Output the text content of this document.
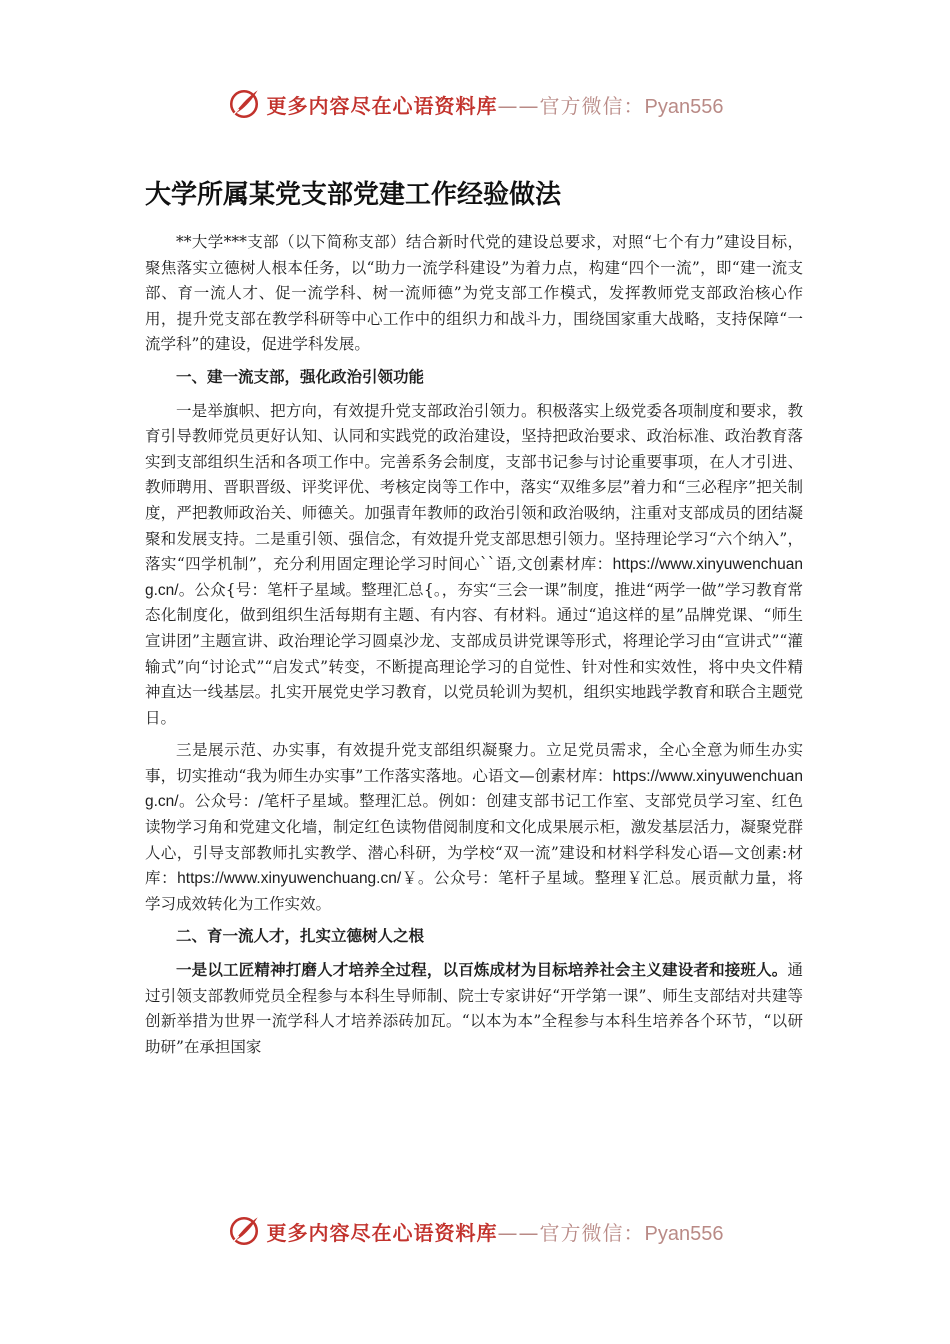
更多内容尽在心语资料库——官方微信：Pyan556
大学所属某党支部党建工作经验做法

**大学***支部（以下简称支部）结合新时代党的建设总要求，对照“七个有力”建设目标，聚焦落实立德树人根本任务，以“助力一流学科建设”为着力点，构建“四个一流”，即“建一流支部、育一流人才、促一流学科、树一流师德”为党支部工作模式，发挥教师党支部政治核心作用，提升党支部在教学科研等中心工作中的组织力和战斗力，围绕国家重大战略，支持保障“一流学科”的建设，促进学科发展。

一、建一流支部，强化政治引领功能

一是举旗帜、把方向，有效提升党支部政治引领力。积极落实上级党委各项制度和要求，教育引导教师党员更好认知、认同和实践党的政治建设，坚持把政治要求、政治标准、政治教育落实到支部组织生活和各项工作中。完善系务会制度，支部书记参与讨论重要事项，在人才引进、教师聘用、晋职晋级、评奖评优、考核定岗等工作中，落实“双维多层”着力和“三必程序”把关制度，严把教师政治关、师德关。加强青年教师的政治引领和政治吸纳，注重对支部成员的团结凝聚和发展支持。二是重引领、强信念，有效提升党支部思想引领力。坚持理论学习“六个纳入”，落实“四学机制”，充分利用固定理论学习时间心``语,文创素材库：https://www.xinyuwenchuang.cn/。公众{号：笔杆子星域。整理汇总{。，夯实“三会一课”制度，推进“两学一做”学习教育常态化制度化，做到组织生活每期有主题、有内容、有材料。通过“追这样的星”品牌党课、“师生宣讲团”主题宣讲、政治理论学习圆桌沙龙、支部成员讲党课等形式，将理论学习由“宣讲式”“灌输式”向“讨论式”“启发式”转变，不断提高理论学习的自觉性、针对性和实效性，将中央文件精神直达一线基层。扎实开展党史学习教育，以党员轮训为契机，组织实地践学教育和联合主题党日。

三是展示范、办实事，有效提升党支部组织凝聚力。立足党员需求，全心全意为师生办实事，切实推动“我为师生办实事”工作落实落地。心语文—创素材库：https://www.xinyuwenchuang.cn/。公众号：/笔杆子星域。整理汇总。例如：创建支部书记工作室、支部党员学习室、红色读物学习角和党建文化墙，制定红色读物借阅制度和文化成果展示柜，激发基层活力，凝聚党群人心，引导支部教师扎实教学、潜心科研，为学校“双一流”建设和材料学科发心语—文创素:材库：https://www.xinyuwenchuang.cn/￥。公众号：笔杆子星域。整理￥汇总。展贡献力量，将学习成效转化为工作实效。

二、育一流人才，扎实立德树人之根

一是以工匠精神打磨人才培养全过程，以百炼成材为目标培养社会主义建设者和接班人。通过引领支部教师党员全程参与本科生导师制、院士专家讲好“开学第一课”、师生支部结对共建等创新举措为世界一流学科人才培养添砖加瓦。“以本为本”全程参与本科生培养各个环节，“以研助研”在承担国家

更多内容尽在心语资料库——官方微信：Pyan556
